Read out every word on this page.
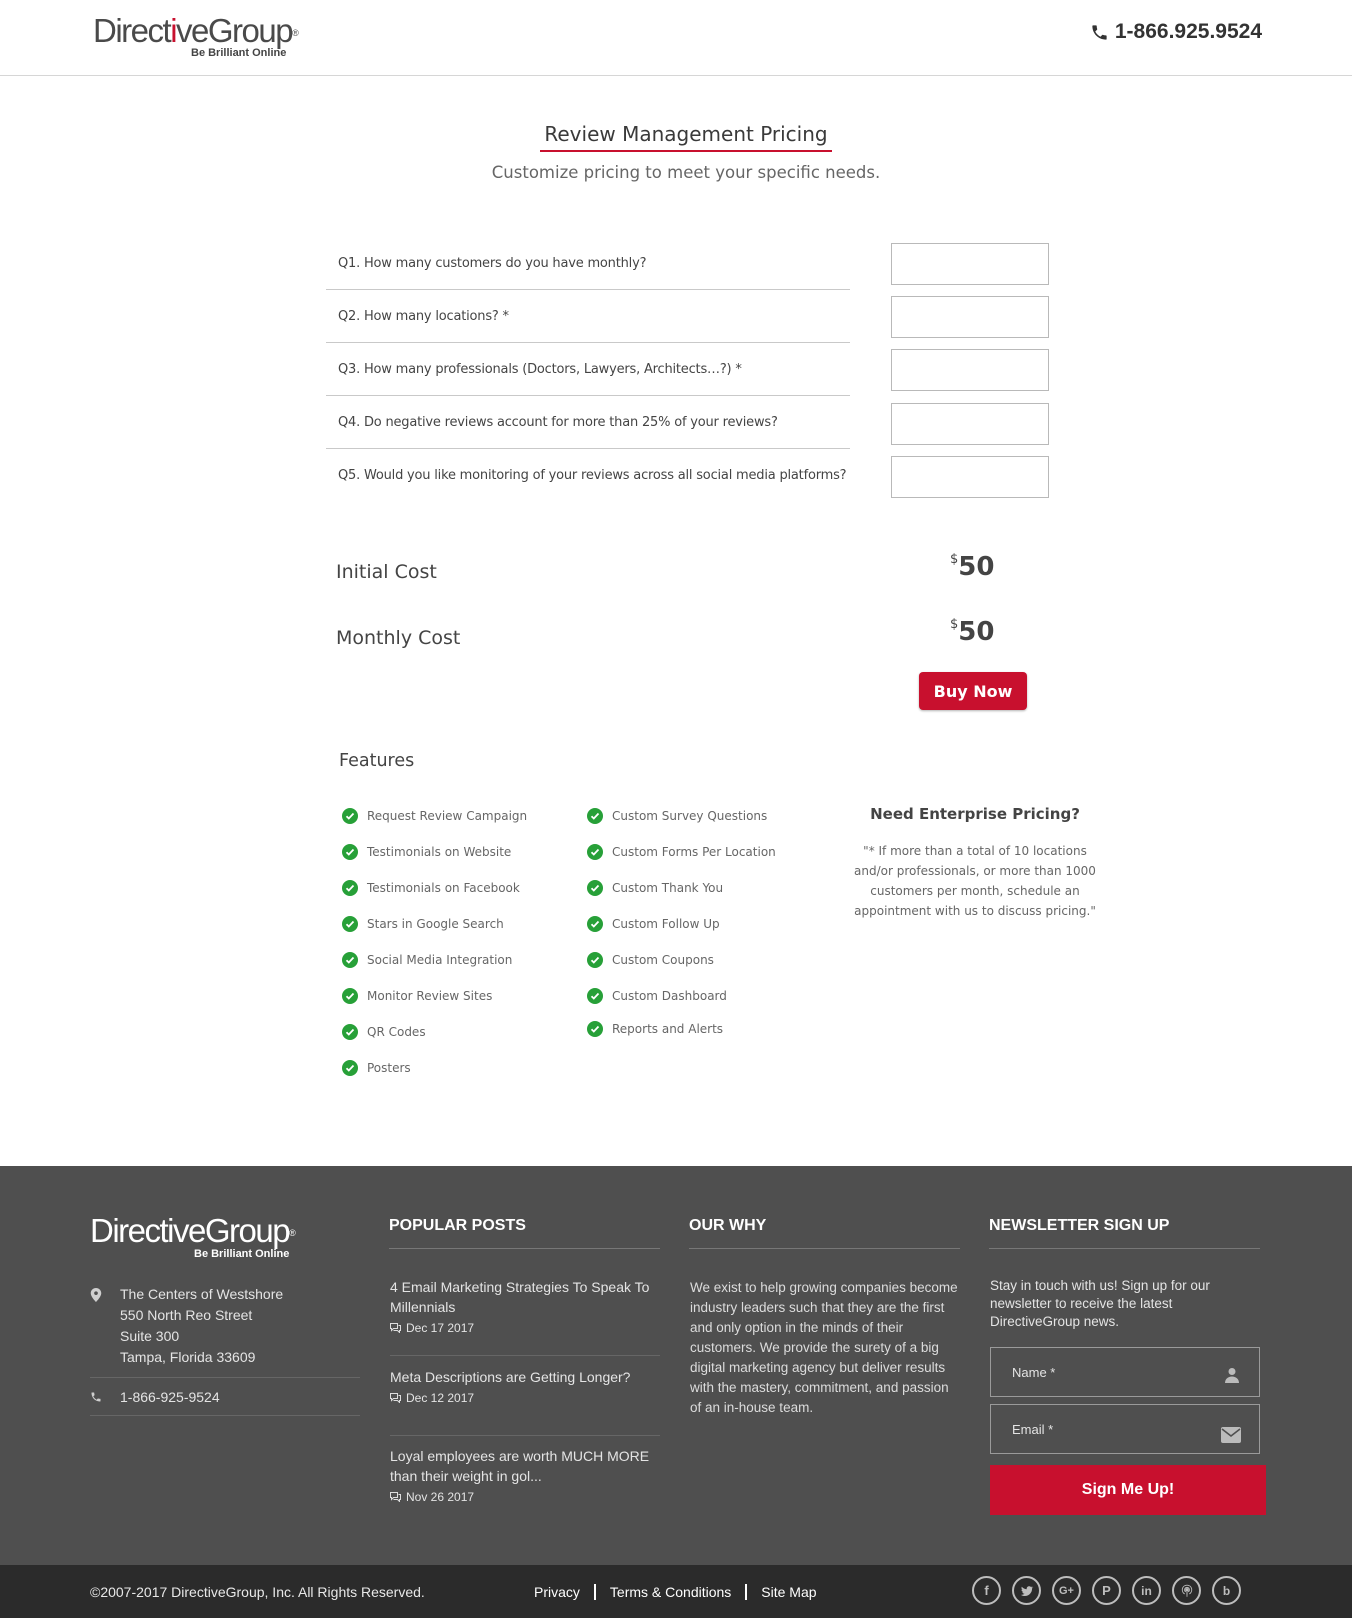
DirectiveGroup®
Be Brilliant Online
1-866.925.9524
Review Management Pricing
Customize pricing to meet your specific needs.
Q1. How many customers do you have monthly?
Q2. How many locations? *
Q3. How many professionals (Doctors, Lawyers, Architects…?) *
Q4. Do negative reviews account for more than 25% of your reviews?
Q5. Would you like monitoring of your reviews across all social media platforms?
Initial Cost
$50
Monthly Cost
$50
Buy Now
Features
Request Review Campaign
Testimonials on Website
Testimonials on Facebook
Stars in Google Search
Social Media Integration
Monitor Review Sites
QR Codes
Posters
Custom Survey Questions
Custom Forms Per Location
Custom Thank You
Custom Follow Up
Custom Coupons
Custom Dashboard
Reports and Alerts
Need Enterprise Pricing?
"* If more than a total of 10 locations and/or professionals, or more than 1000 customers per month, schedule an appointment with us to discuss pricing."
DirectiveGroup®
Be Brilliant Online
The Centers of Westshore
550 North Reo Street
Suite 300
Tampa, Florida 33609
1-866-925-9524
POPULAR POSTS
4 Email Marketing Strategies To Speak To Millennials
Dec 17 2017
Meta Descriptions are Getting Longer?
Dec 12 2017
Loyal employees are worth MUCH MORE than their weight in gol...
Nov 26 2017
OUR WHY
We exist to help growing companies become industry leaders such that they are the first and only option in the minds of their customers. We provide the surety of a big digital marketing agency but deliver results with the mastery, commitment, and passion of an in-house team.
NEWSLETTER SIGN UP
Stay in touch with us! Sign up for our newsletter to receive the latest DirectiveGroup news.
Name *
Email *
Sign Me Up!
©2007-2017 DirectiveGroup, Inc. All Rights Reserved.	Privacy Terms & Conditions Site Map	f	G+	P	in	b
